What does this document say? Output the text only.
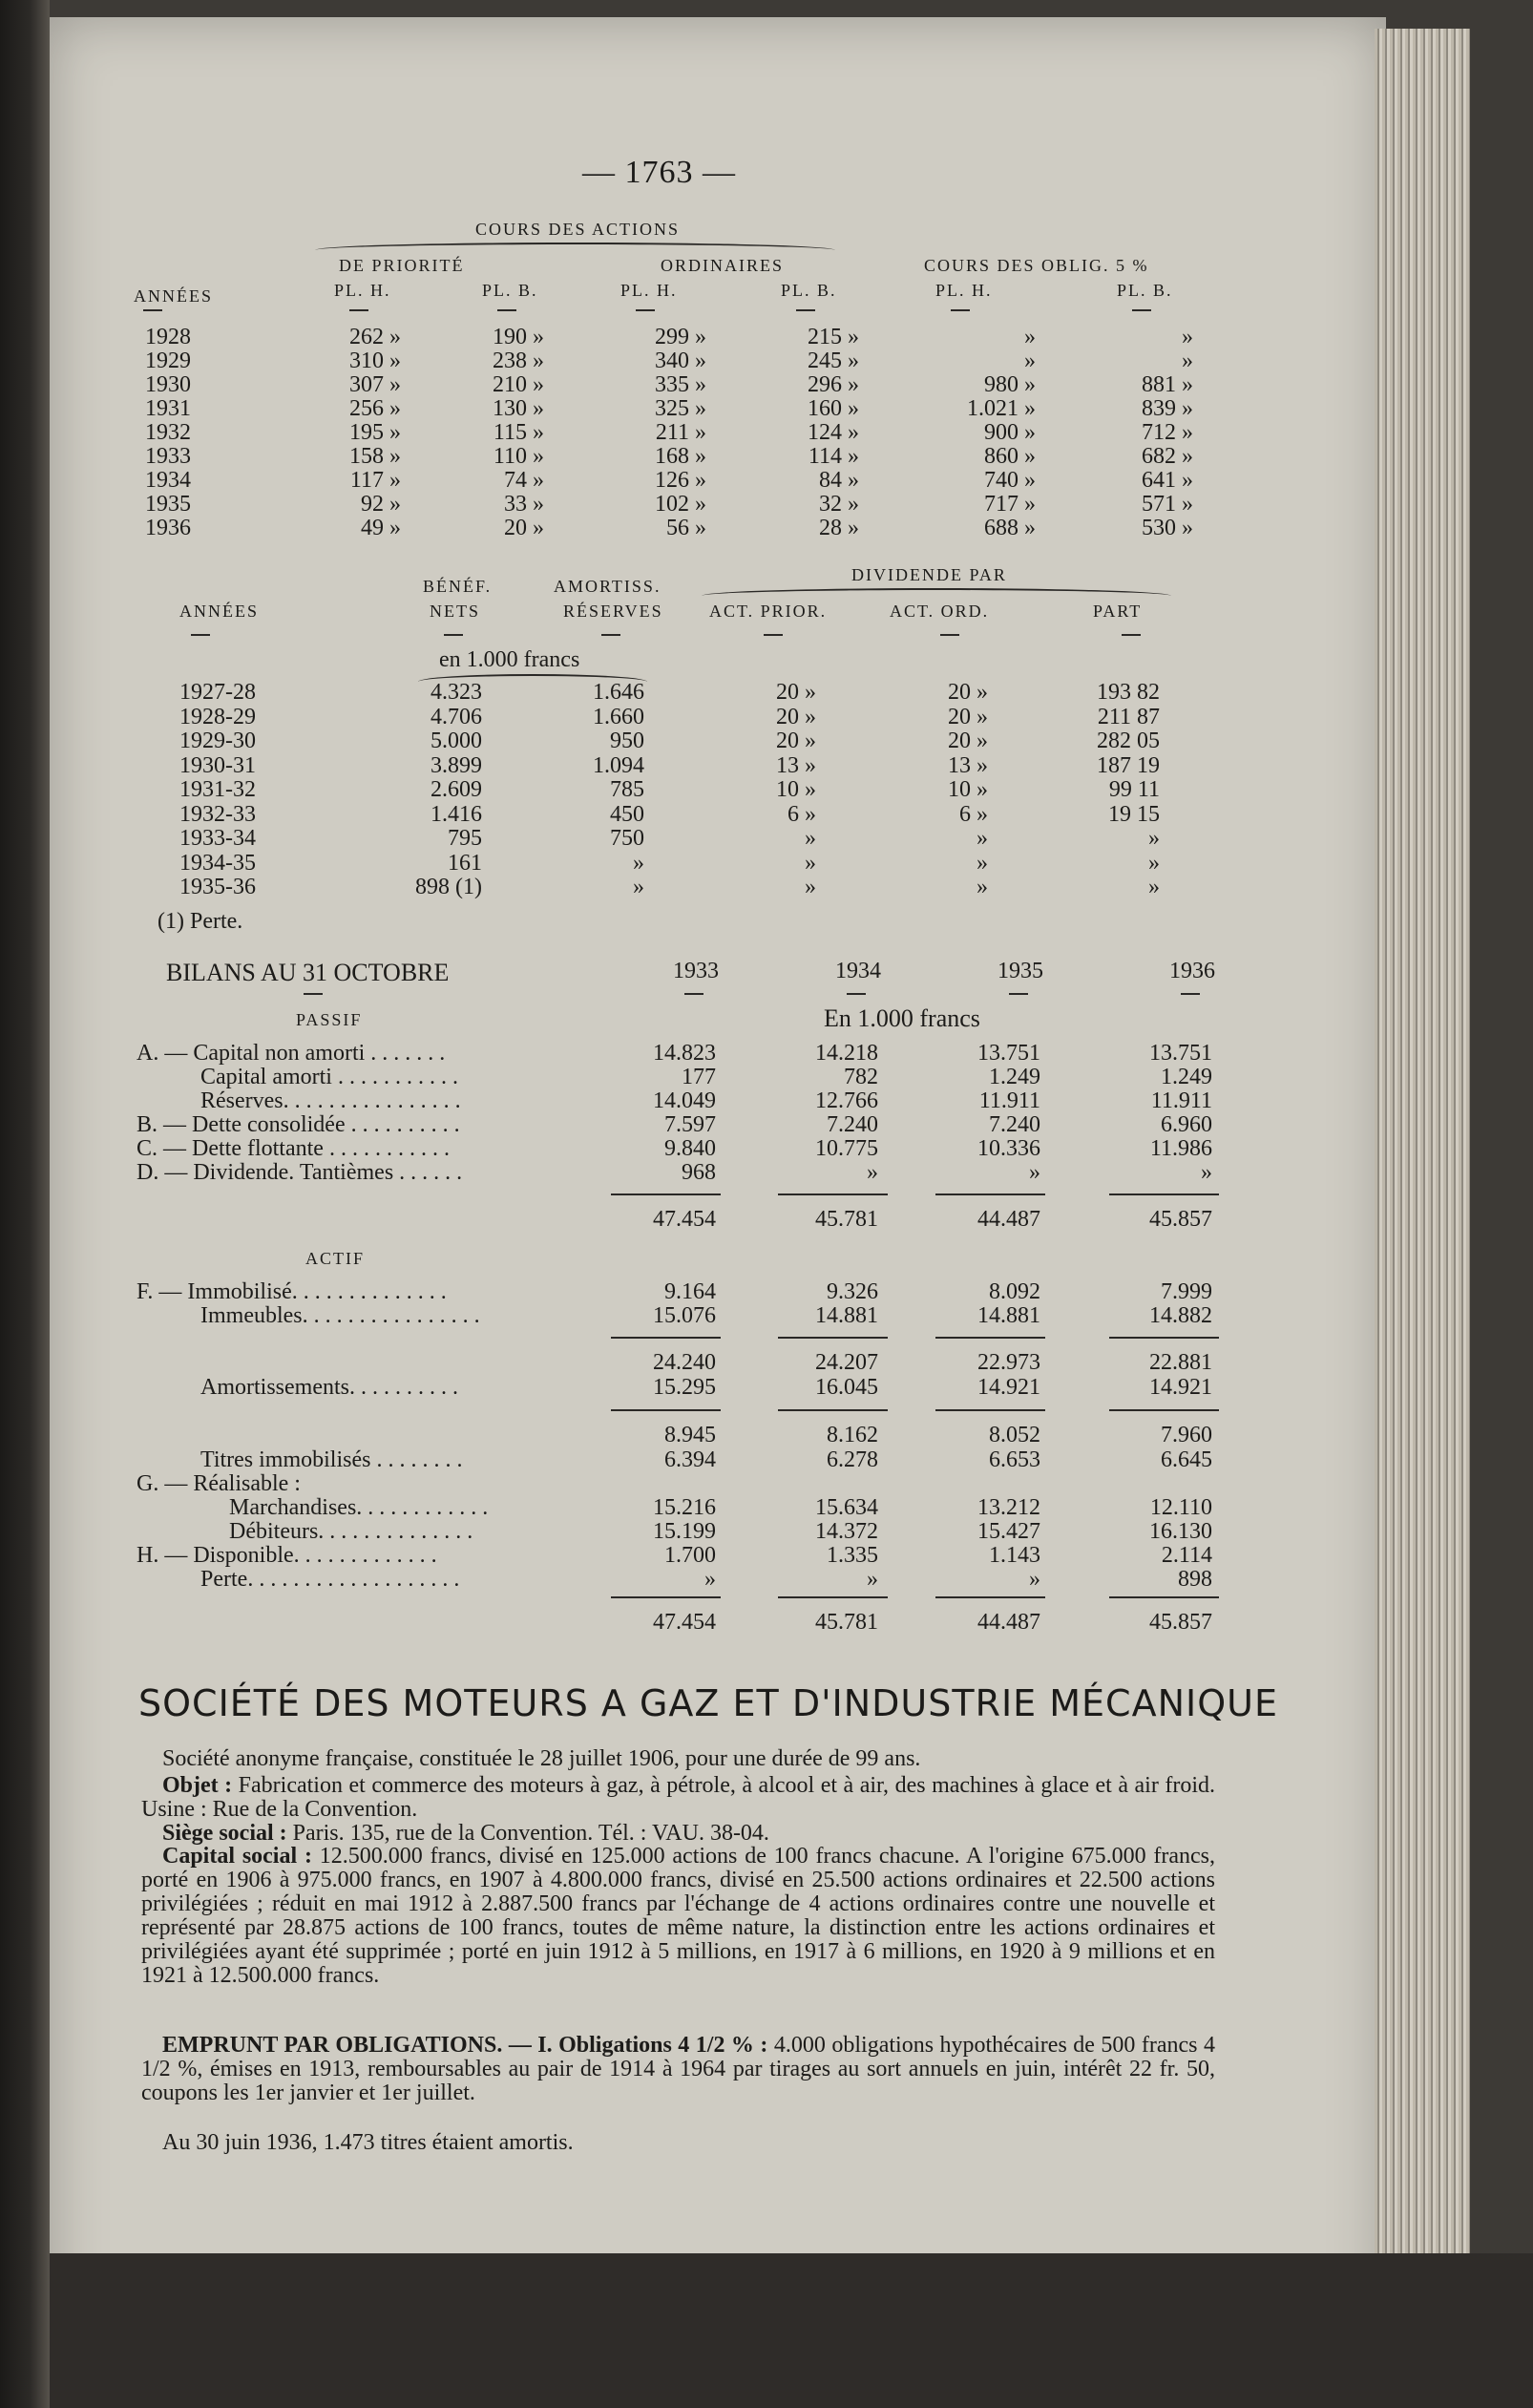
— 1763 —
COURS DES ACTIONS
DE PRIORITÉ	ORDINAIRES	COURS DES OBLIG. 5 %
ANNÉES	PL. H.	PL. B.	PL. H.	PL. B.	PL. H.	PL. B.
1928	262 »	190 »	299 »	215 »	»	»
1929	310 »	238 »	340 »	245 »	»	»
1930	307 »	210 »	335 »	296 »	980 »	881 »
1931	256 »	130 »	325 »	160 »	1.021 »	839 »
1932	195 »	115 »	211 »	124 »	900 »	712 »
1933	158 »	110 »	168 »	114 »	860 »	682 »
1934	117 »	74 »	126 »	84 »	740 »	641 »
1935	92 »	33 »	102 »	32 »	717 »	571 »
1936	49 »	20 »	56 »	28 »	688 »	530 »
BÉNÉF.
NETS
AMORTISS.
RÉSERVES
ANNÉES
DIVIDENDE PAR
ACT. PRIOR.	ACT. ORD.	PART
en 1.000 francs
1927-28	4.323	1.646	20 »	20 »	193 82
1928-29	4.706	1.660	20 »	20 »	211 87
1929-30	5.000	950	20 »	20 »	282 05
1930-31	3.899	1.094	13 »	13 »	187 19
1931-32	2.609	785	10 »	10 »	99 11
1932-33	1.416	450	6 »	6 »	19 15
1933-34	795	750	»	»	»
1934-35	161	»	»	»	»
1935-36	898 (1)	»	»	»	»
(1) Perte.
BILANS AU 31 OCTOBRE	1933	1934	1935	1936
PASSIF	En 1.000 francs
A. — Capital non amorti . . . . . . .	14.823	14.218	13.751	13.751
Capital amorti . . . . . . . . . . .	177	782	1.249	1.249
Réserves. . . . . . . . . . . . . . . .	14.049	12.766	11.911	11.911
B. — Dette consolidée . . . . . . . . . .	7.597	7.240	7.240	6.960
C. — Dette flottante . . . . . . . . . . .	9.840	10.775	10.336	11.986
D. — Dividende. Tantièmes . . . . . .	968	»	»	»
47.454	45.781	44.487	45.857
F. — Immobilisé. . . . . . . . . . . . . .	9.164	9.326	8.092	7.999
Immeubles. . . . . . . . . . . . . . . .	15.076	14.881	14.881	14.882
24.240	24.207	22.973	22.881
Amortissements. . . . . . . . . .	15.295	16.045	14.921	14.921
8.945	8.162	8.052	7.960
Titres immobilisés . . . . . . . .	6.394	6.278	6.653	6.645
G. — Réalisable :
Marchandises. . . . . . . . . . . .	15.216	15.634	13.212	12.110
Débiteurs. . . . . . . . . . . . . .	15.199	14.372	15.427	16.130
H. — Disponible. . . . . . . . . . . . .	1.700	1.335	1.143	2.114
Perte. . . . . . . . . . . . . . . . . . .	»	»	»	898
47.454	45.781	44.487	45.857
ACTIF
SOCIÉTÉ DES MOTEURS A GAZ ET D'INDUSTRIE MÉCANIQUE
Société anonyme française, constituée le 28 juillet 1906, pour une durée de 99 ans.
Objet : Fabrication et commerce des moteurs à gaz, à pétrole, à alcool et à air, des machines à glace et à air froid. Usine : Rue de la Convention.
Siège social : Paris. 135, rue de la Convention. Tél. : VAU. 38-04.
Capital social : 12.500.000 francs, divisé en 125.000 actions de 100 francs chacune. A l'origine 675.000 francs, porté en 1906 à 975.000 francs, en 1907 à 4.800.000 francs, divisé en 25.500 actions ordinaires et 22.500 actions privilégiées ; réduit en mai 1912 à 2.887.500 francs par l'échange de 4 actions ordinaires contre une nouvelle et représenté par 28.875 actions de 100 francs, toutes de même nature, la distinction entre les actions ordinaires et privilégiées ayant été supprimée ; porté en juin 1912 à 5 millions, en 1917 à 6 millions, en 1920 à 9 millions et en 1921 à 12.500.000 francs.
EMPRUNT PAR OBLIGATIONS. — I. Obligations 4 1/2 % : 4.000 obligations hypothécaires de 500 francs 4 1/2 %, émises en 1913, remboursables au pair de 1914 à 1964 par tirages au sort annuels en juin, intérêt 22 fr. 50, coupons les 1er janvier et 1er juillet.
Au 30 juin 1936, 1.473 titres étaient amortis.
